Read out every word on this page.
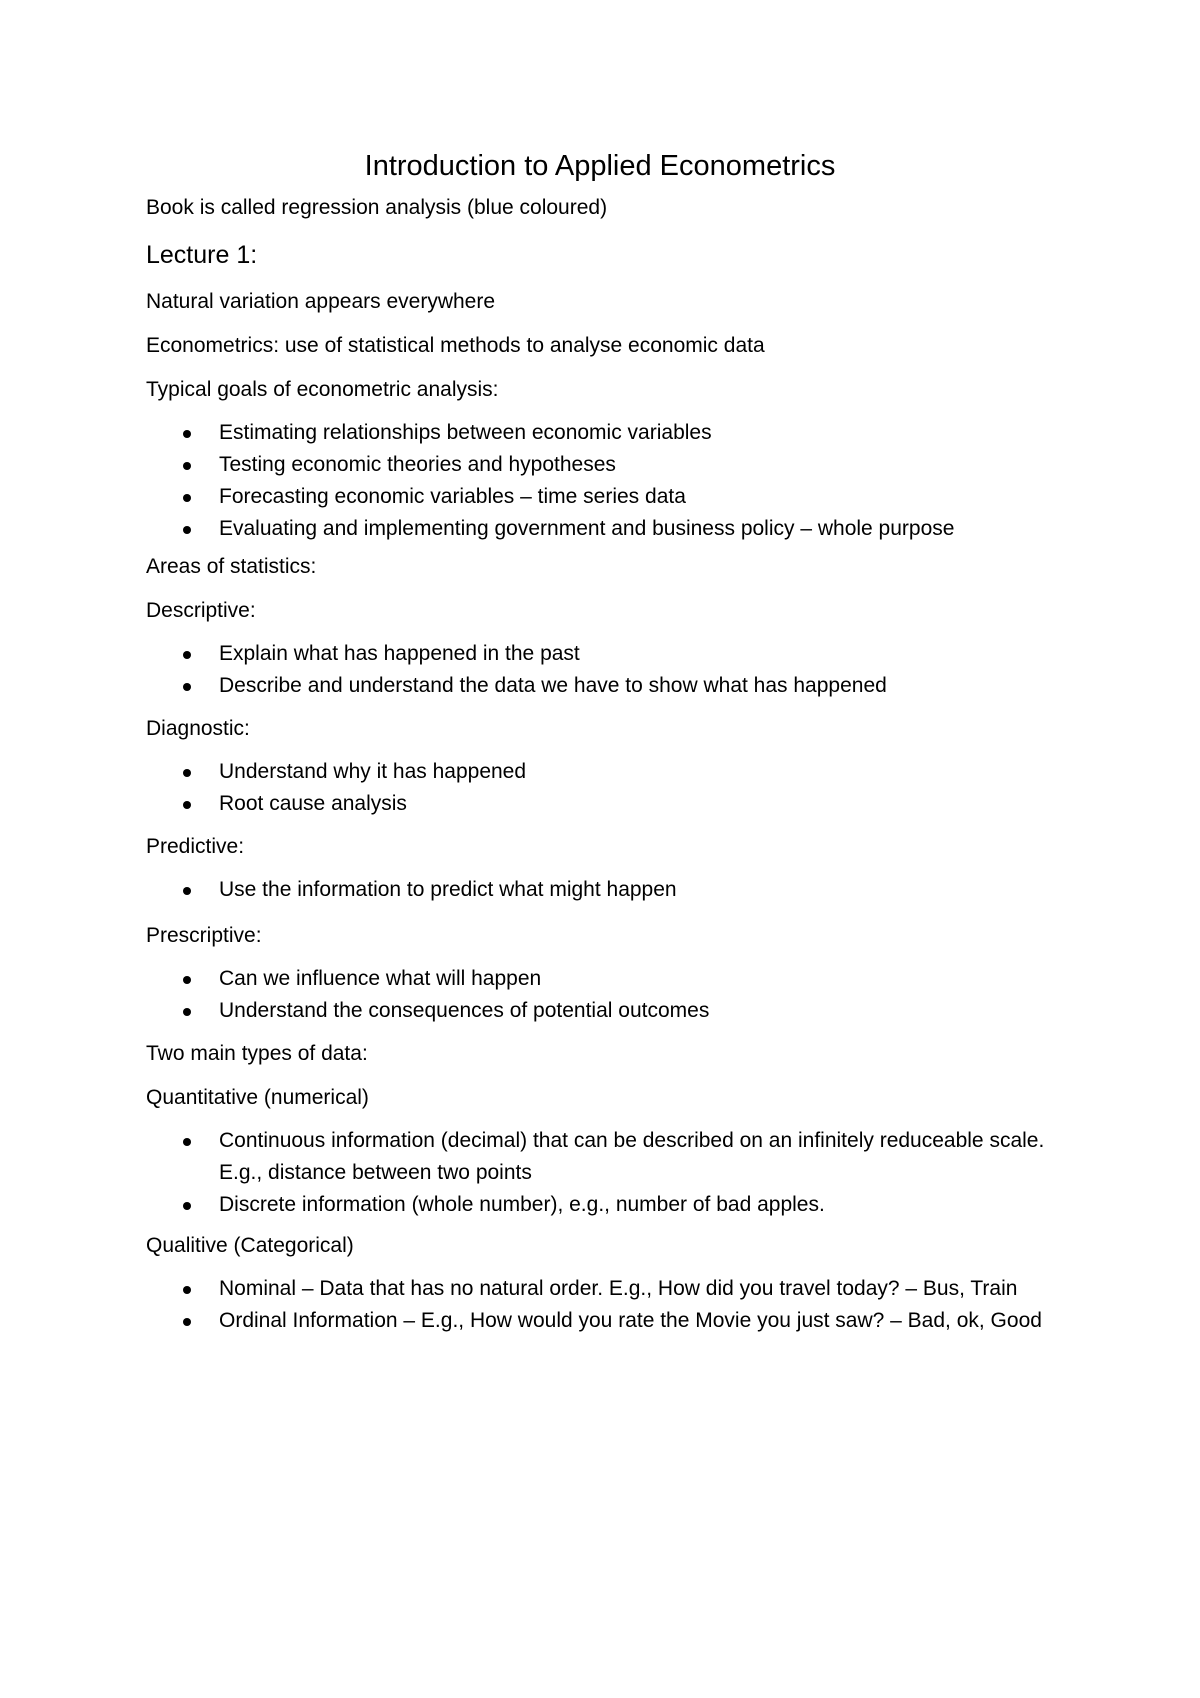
Introduction to Applied Econometrics
Book is called regression analysis (blue coloured)
Lecture 1:
Natural variation appears everywhere
Econometrics: use of statistical methods to analyse economic data
Typical goals of econometric analysis:
Estimating relationships between economic variables
Testing economic theories and hypotheses
Forecasting economic variables – time series data
Evaluating and implementing government and business policy – whole purpose
Areas of statistics:
Descriptive:
Explain what has happened in the past
Describe and understand the data we have to show what has happened
Diagnostic:
Understand why it has happened
Root cause analysis
Predictive:
Use the information to predict what might happen
Prescriptive:
Can we influence what will happen
Understand the consequences of potential outcomes
Two main types of data:
Quantitative (numerical)
Continuous information (decimal) that can be described on an infinitely reduceable scale. E.g., distance between two points
Discrete information (whole number), e.g., number of bad apples.
Qualitive (Categorical)
Nominal – Data that has no natural order. E.g., How did you travel today? – Bus, Train
Ordinal Information – E.g., How would you rate the Movie you just saw? – Bad, ok, Good
